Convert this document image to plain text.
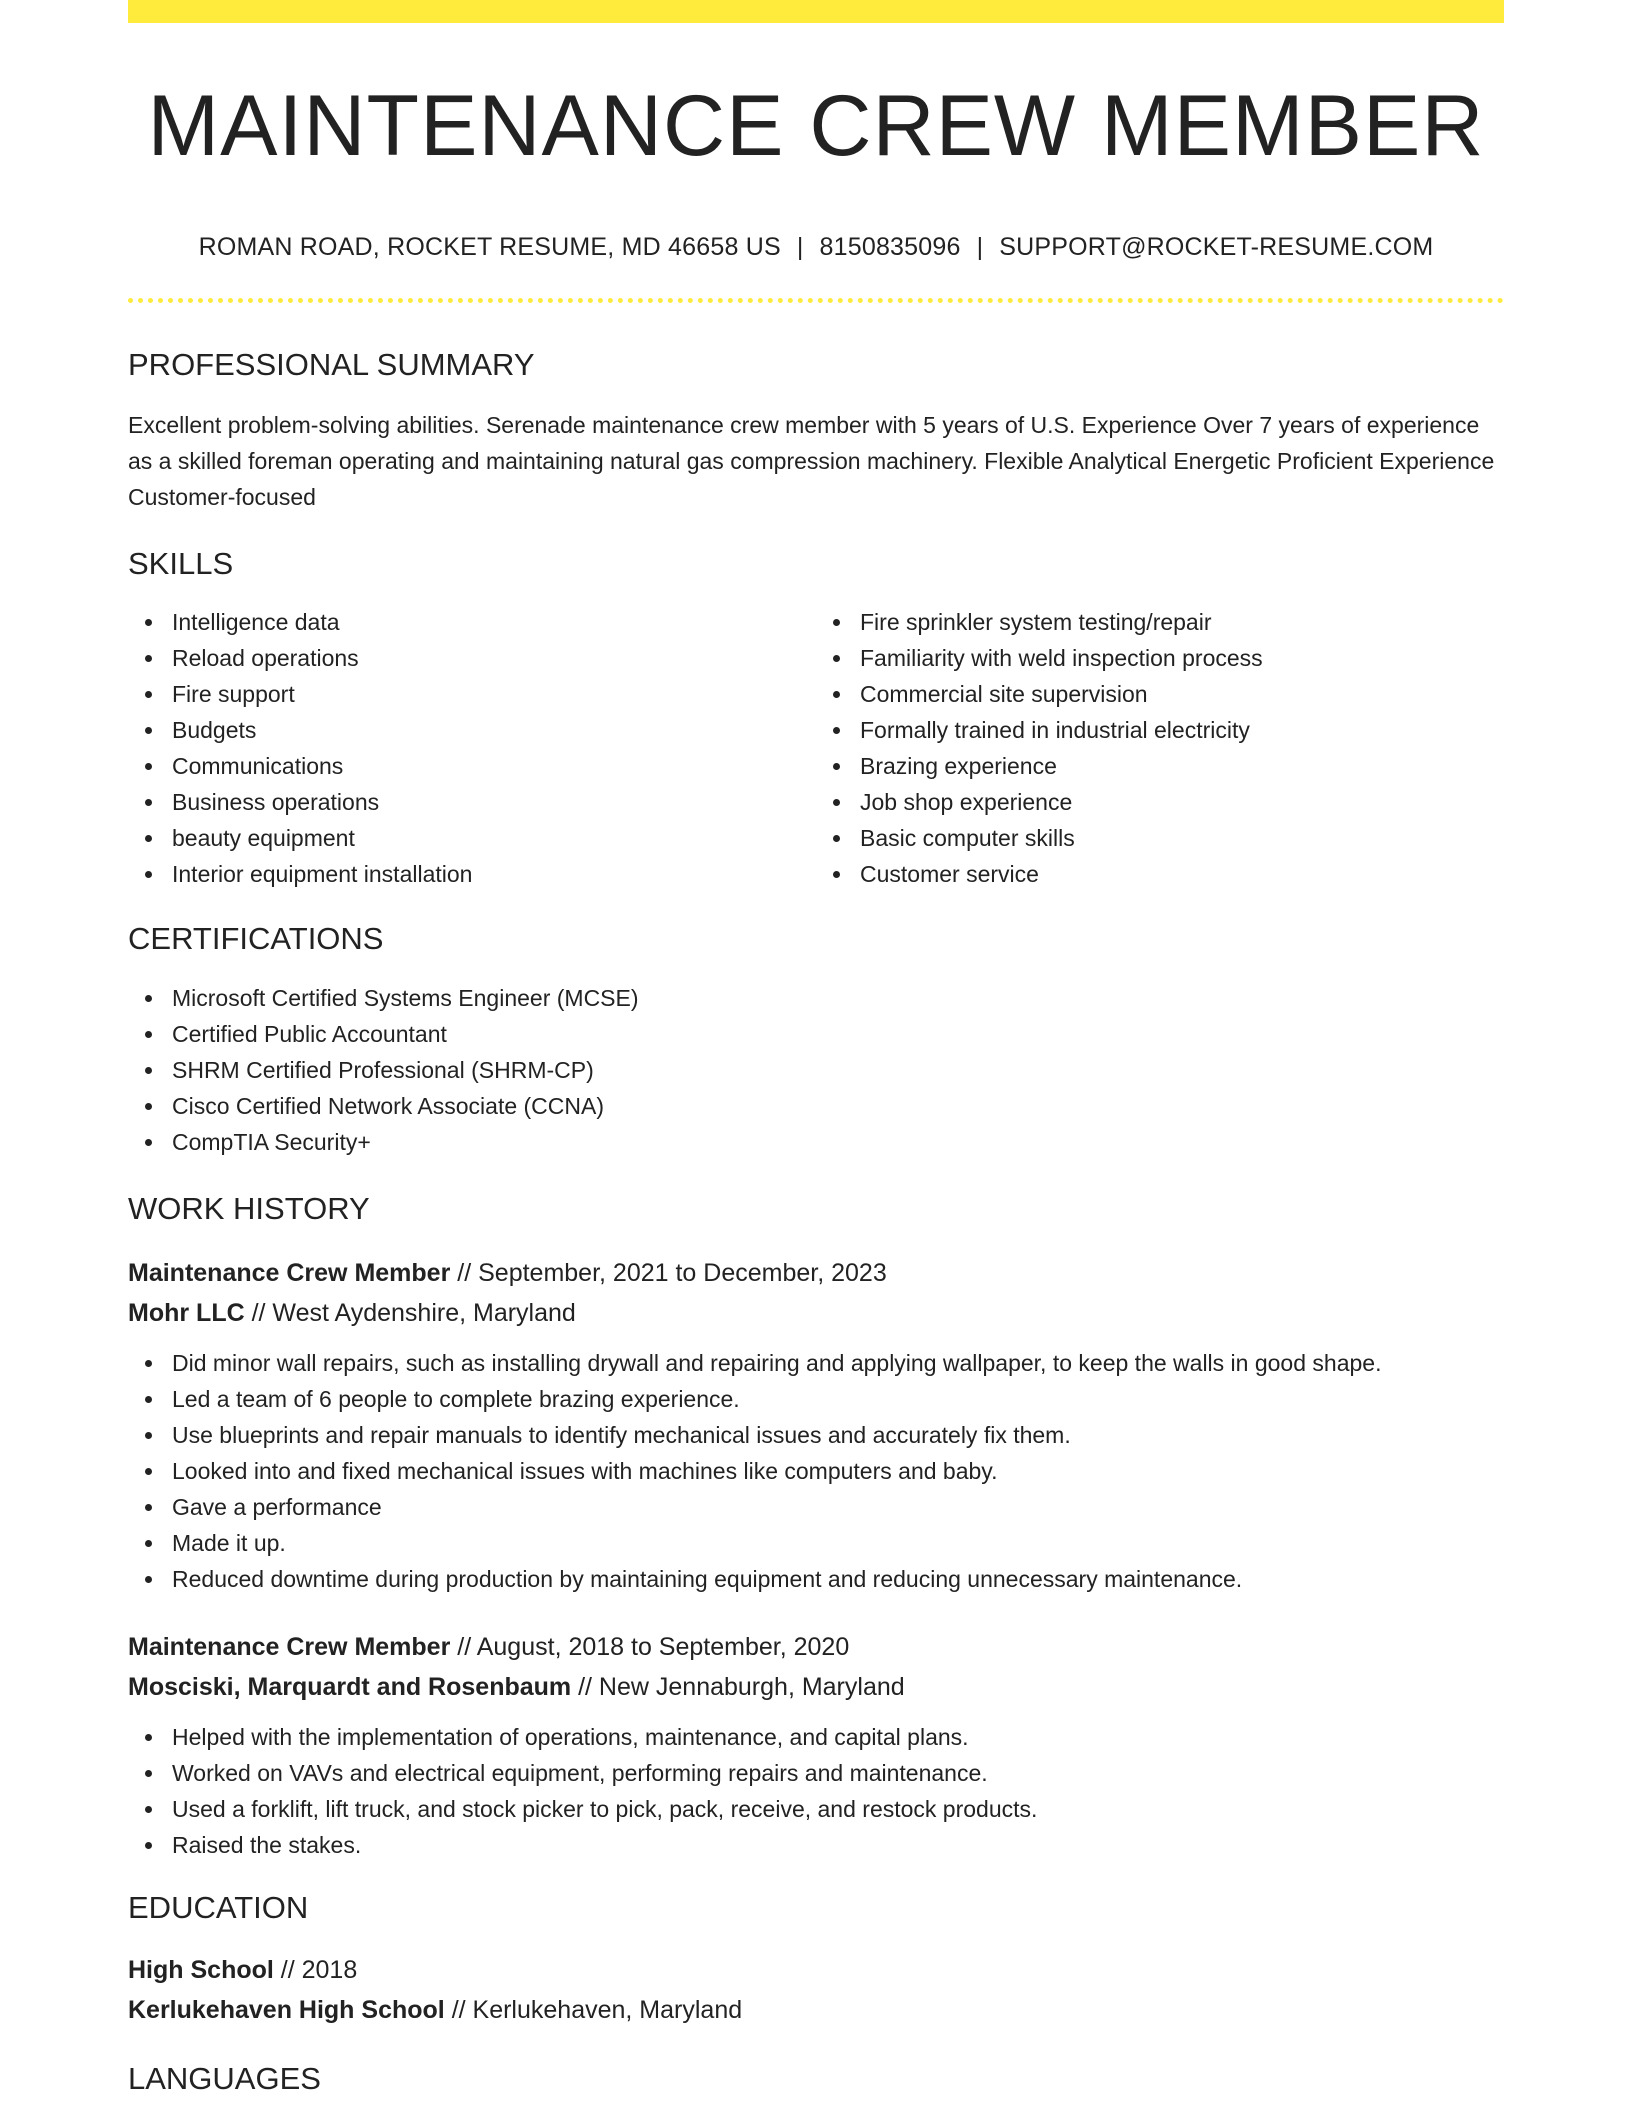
MAINTENANCE CREW MEMBER
ROMAN ROAD, ROCKET RESUME, MD 46658 US | 8150835096 | SUPPORT@ROCKET-RESUME.COM
PROFESSIONAL SUMMARY
Excellent problem-solving abilities. Serenade maintenance crew member with 5 years of U.S. Experience Over 7 years of experience as a skilled foreman operating and maintaining natural gas compression machinery. Flexible Analytical Energetic Proficient Experience Customer-focused
SKILLS
Intelligence data
Reload operations
Fire support
Budgets
Communications
Business operations
beauty equipment
Interior equipment installation
Fire sprinkler system testing/repair
Familiarity with weld inspection process
Commercial site supervision
Formally trained in industrial electricity
Brazing experience
Job shop experience
Basic computer skills
Customer service
CERTIFICATIONS
Microsoft Certified Systems Engineer (MCSE)
Certified Public Accountant
SHRM Certified Professional (SHRM-CP)
Cisco Certified Network Associate (CCNA)
CompTIA Security+
WORK HISTORY
Maintenance Crew Member // September, 2021 to December, 2023
Mohr LLC // West Aydenshire, Maryland
Did minor wall repairs, such as installing drywall and repairing and applying wallpaper, to keep the walls in good shape.
Led a team of 6 people to complete brazing experience.
Use blueprints and repair manuals to identify mechanical issues and accurately fix them.
Looked into and fixed mechanical issues with machines like computers and baby.
Gave a performance
Made it up.
Reduced downtime during production by maintaining equipment and reducing unnecessary maintenance.
Maintenance Crew Member // August, 2018 to September, 2020
Mosciski, Marquardt and Rosenbaum // New Jennaburgh, Maryland
Helped with the implementation of operations, maintenance, and capital plans.
Worked on VAVs and electrical equipment, performing repairs and maintenance.
Used a forklift, lift truck, and stock picker to pick, pack, receive, and restock products.
Raised the stakes.
EDUCATION
High School // 2018
Kerlukehaven High School // Kerlukehaven, Maryland
LANGUAGES
